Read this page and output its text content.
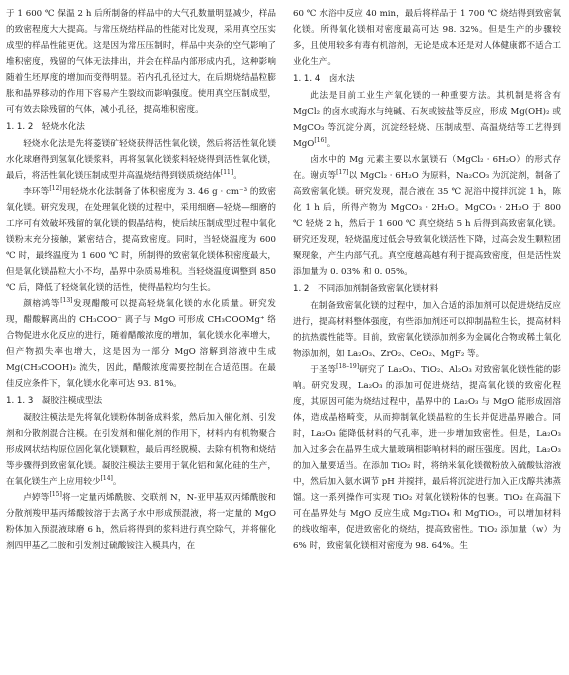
于 1 600 ℃ 保温 2 h 后所制备的样品中的大气孔数量明显减少，样品的致密程度大大提高。与常压烧结样品的性能对比发现，采用真空压实成型的样品性能更优。这是因为常压压制时，样品中夹杂的空气影响了堆积密度，残留的气体无法排出，并会在样品内部形成内孔，这种影响随着生坯厚度的增加而变得明显。若内孔孔径过大，在后期烧结晶粒膨胀和晶界移动的作用下容易产生裂纹而影响强度。使用真空压制成型，可有效去除残留的气体，减小孔径，提高堆积密度。

1. 1. 2　轻烧水化法

轻烧水化法是先将菱镁矿轻烧获得活性氧化镁，然后将活性氧化镁水化球磨得到氢氧化镁浆料，再将氢氧化镁浆料轻烧得到活性氧化镁，最后，将活性氧化镁压制成型并高温烧结得到镁质烧结体[11]。

李环等[12]用轻烧水化法制备了体积密度为 3. 46 g · cm⁻³ 的致密氧化镁。研究发现，在处理氧化镁的过程中，采用细磨—轻烧—细磨的工序可有效破坏残留的氧化镁的假晶结构，使后续压制成型过程中氧化镁粉末充分接触，紧密结合，提高致密度。同时，当轻烧温度为 600 ℃ 时，最终温度为 1 600 ℃ 时，所制得的致密氧化镁体积密度最大，但是氧化镁晶粒大小不均，晶界中杂质易堆积。当轻烧温度调整到 850 ℃ 后，降低了轻烧氧化镁的活性，使得晶粒均匀生长。

颜榕鸿等[13]发现醋酸可以提高轻烧氧化镁的水化质量。研究发现，醋酸解离出的 CH₃COO⁻ 离子与 MgO 可形成 CH₃COOMg⁺ 络合物促进水化反应的进行，随着醋酸浓度的增加，氧化镁水化率增大，但产物损失率也增大，这是因为一部分 MgO 溶解到溶液中生成 Mg(CH₃COOH)₂ 流失，因此，醋酸浓度需要控制在合适范围。在最佳反应条件下，氧化镁水化率可达 93. 81%。

1. 1. 3　凝胶注模成型法

凝胶注模法是先将氧化镁粉体制备成料浆，然后加入催化剂、引发剂和分散剂混合注模。在引发剂和催化剂的作用下，材料内有机物聚合形成网状结构原位固化氧化镁颗粒，最后再经脱模、去除有机物和烧结等步骤得到致密氧化镁。凝胶注模法主要用于氧化铝和氮化硅的生产，在氧化镁生产上应用较少[14]。

卢婷等[15]将一定量丙烯酰胺、交联剂 N，N-亚甲基双丙烯酰胺和分散剂羧甲基丙烯酸铵溶于去离子水中形成预混液，将一定量的 MgO 粉体加入预混液球磨 6 h，然后将得到的浆料进行真空除气，并将催化剂四甲基乙二胺和引发剂过硫酸铵注入模具内，在

60 ℃ 水浴中反应 40 min，最后将样品于 1 700 ℃ 烧结得到致密氧化镁。所得氧化镁相对密度最高可达 98. 32%。但是生产的步骤较多，且使用较多有毒有机溶剂，无论是成本还是对人体健康都不适合工业化生产。

1. 1. 4　卤水法

此法是目前工业生产氧化镁的一种重要方法。其机制是将含有 MgCl₂ 的卤水或海水与纯碱、石灰或铵盐等反应，形成 Mg(OH)₂ 或 MgCO₃ 等沉淀分离，沉淀经轻烧、压制成型、高温烧结等工艺得到 MgO[16]。

卤水中的 Mg 元素主要以水氯镁石（MgCl₂ · 6H₂O）的形式存在。谢贞等[17]以 MgCl₂ · 6H₂O 为原料，Na₂CO₃ 为沉淀剂，制备了高致密氧化镁。研究发现，混合液在 35 ℃ 泥浴中搅拌沉淀 1 h，陈化 1 h 后，所得产物为 MgCO₃ · 2H₂O。MgCO₃ · 2H₂O 于 800 ℃ 轻烧 2 h，然后于 1 600 ℃ 真空烧结 5 h 后得到高致密氧化镁。研究还发现，轻烧温度过低会导致氧化镁活性下降，过高会发生颗粒团聚现象，产生内部气孔。真空度越高越有利于提高致密度，但是活性炭添加量为 0. 03% 和 0. 05%。

1. 2　不同添加剂制备致密氧化镁材料

在制备致密氧化镁的过程中，加入合适的添加剂可以促进烧结反应进行，提高材料整体强度，有些添加剂还可以抑制晶粒生长，提高材料的抗热震性能等。目前，致密氧化镁添加剂多为金属化合物或稀土氧化物添加剂，如 La₂O₃、ZrO₂、CeO₂、MgF₂ 等。

于圣等[18–19]研究了 La₂O₃、TiO₂、Al₂O₃ 对致密氧化镁性能的影响。研究发现，La₂O₃ 的添加可促进烧结，提高氧化镁的致密化程度，其原因可能为烧结过程中，晶界中的 La₂O₃ 与 MgO 能形成固溶体，造成晶格畸变，从而抑制氧化镁晶粒的生长并促进晶界融合。同时，La₂O₃ 能降低材料的气孔率，进一步增加致密性。但是，La₂O₃ 加入过多会在晶界生成大量玻璃相影响材料的耐压强度。因此，La₂O₃ 的加入量要适当。在添加 TiO₂ 时，将纳米氧化镁微粉放入硫酸钛溶液中，然后加入氨水调节 pH 并搅拌，最后将沉淀进行加入正戊醇共沸蒸馏。这一系列操作可实现 TiO₂ 对氧化镁粉体的包裹。TiO₂ 在高温下可在晶界处与 MgO 反应生成 Mg₂TiO₄ 和 MgTiO₃，可以增加材料的线收缩率，促进致密化的烧结，提高致密性。TiO₂ 添加量（w）为 6% 时，致密氧化镁相对密度为 98. 64%。生
